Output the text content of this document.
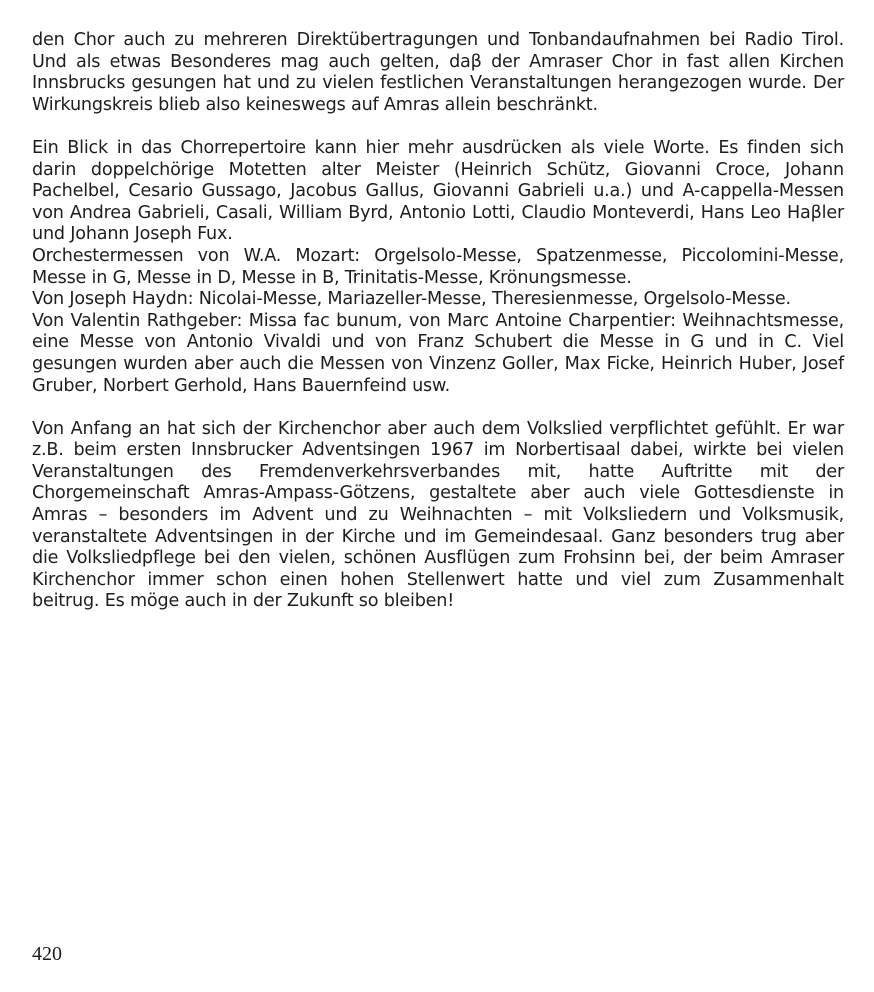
den Chor auch zu mehreren Direktübertragungen und Tonbandaufnahmen bei Radio Tirol. Und als etwas Besonderes mag auch gelten, daβ der Amraser Chor in fast allen Kirchen Innsbrucks gesungen hat und zu vielen festlichen Veranstaltungen herangezogen wurde. Der Wirkungskreis blieb also keineswegs auf Amras allein beschränkt.

Ein Blick in das Chorrepertoire kann hier mehr ausdrücken als viele Worte. Es finden sich darin doppelchörige Motetten alter Meister (Heinrich Schütz, Giovanni Croce, Johann Pachelbel, Cesario Gussago, Jacobus Gallus, Giovanni Gabrieli u.a.) und A-cappella-Messen von Andrea Gabrieli, Casali, William Byrd, Antonio Lotti, Claudio Monteverdi, Hans Leo Haβler und Johann Joseph Fux.

Orchestermessen von W.A. Mozart: Orgelsolo-Messe, Spatzenmesse, Piccolomini-Messe, Messe in G, Messe in D, Messe in B, Trinitatis-Messe, Krönungsmesse.

Von Joseph Haydn: Nicolai-Messe, Mariazeller-Messe, Theresienmesse, Orgelsolo-Messe.

Von Valentin Rathgeber: Missa fac bunum, von Marc Antoine Charpentier: Weihnachtsmesse, eine Messe von Antonio Vivaldi und von Franz Schubert die Messe in G und in C. Viel gesungen wurden aber auch die Messen von Vinzenz Goller, Max Ficke, Heinrich Huber, Josef Gruber, Norbert Gerhold, Hans Bauernfeind usw.

Von Anfang an hat sich der Kirchenchor aber auch dem Volkslied verpflichtet gefühlt. Er war z.B. beim ersten Innsbrucker Adventsingen 1967 im Norbertisaal dabei, wirkte bei vielen Veranstaltungen des Fremdenverkehrsverbandes mit, hatte Auftritte mit der Chorgemeinschaft Amras-Ampass-Götzens, gestaltete aber auch viele Gottesdienste in Amras – besonders im Advent und zu Weihnachten – mit Volksliedern und Volksmusik, veranstaltete Adventsingen in der Kirche und im Gemeindesaal. Ganz besonders trug aber die Volksliedpflege bei den vielen, schönen Ausflügen zum Frohsinn bei, der beim Amraser Kirchenchor immer schon einen hohen Stellenwert hatte und viel zum Zusammenhalt beitrug. Es möge auch in der Zukunft so bleiben!

420
